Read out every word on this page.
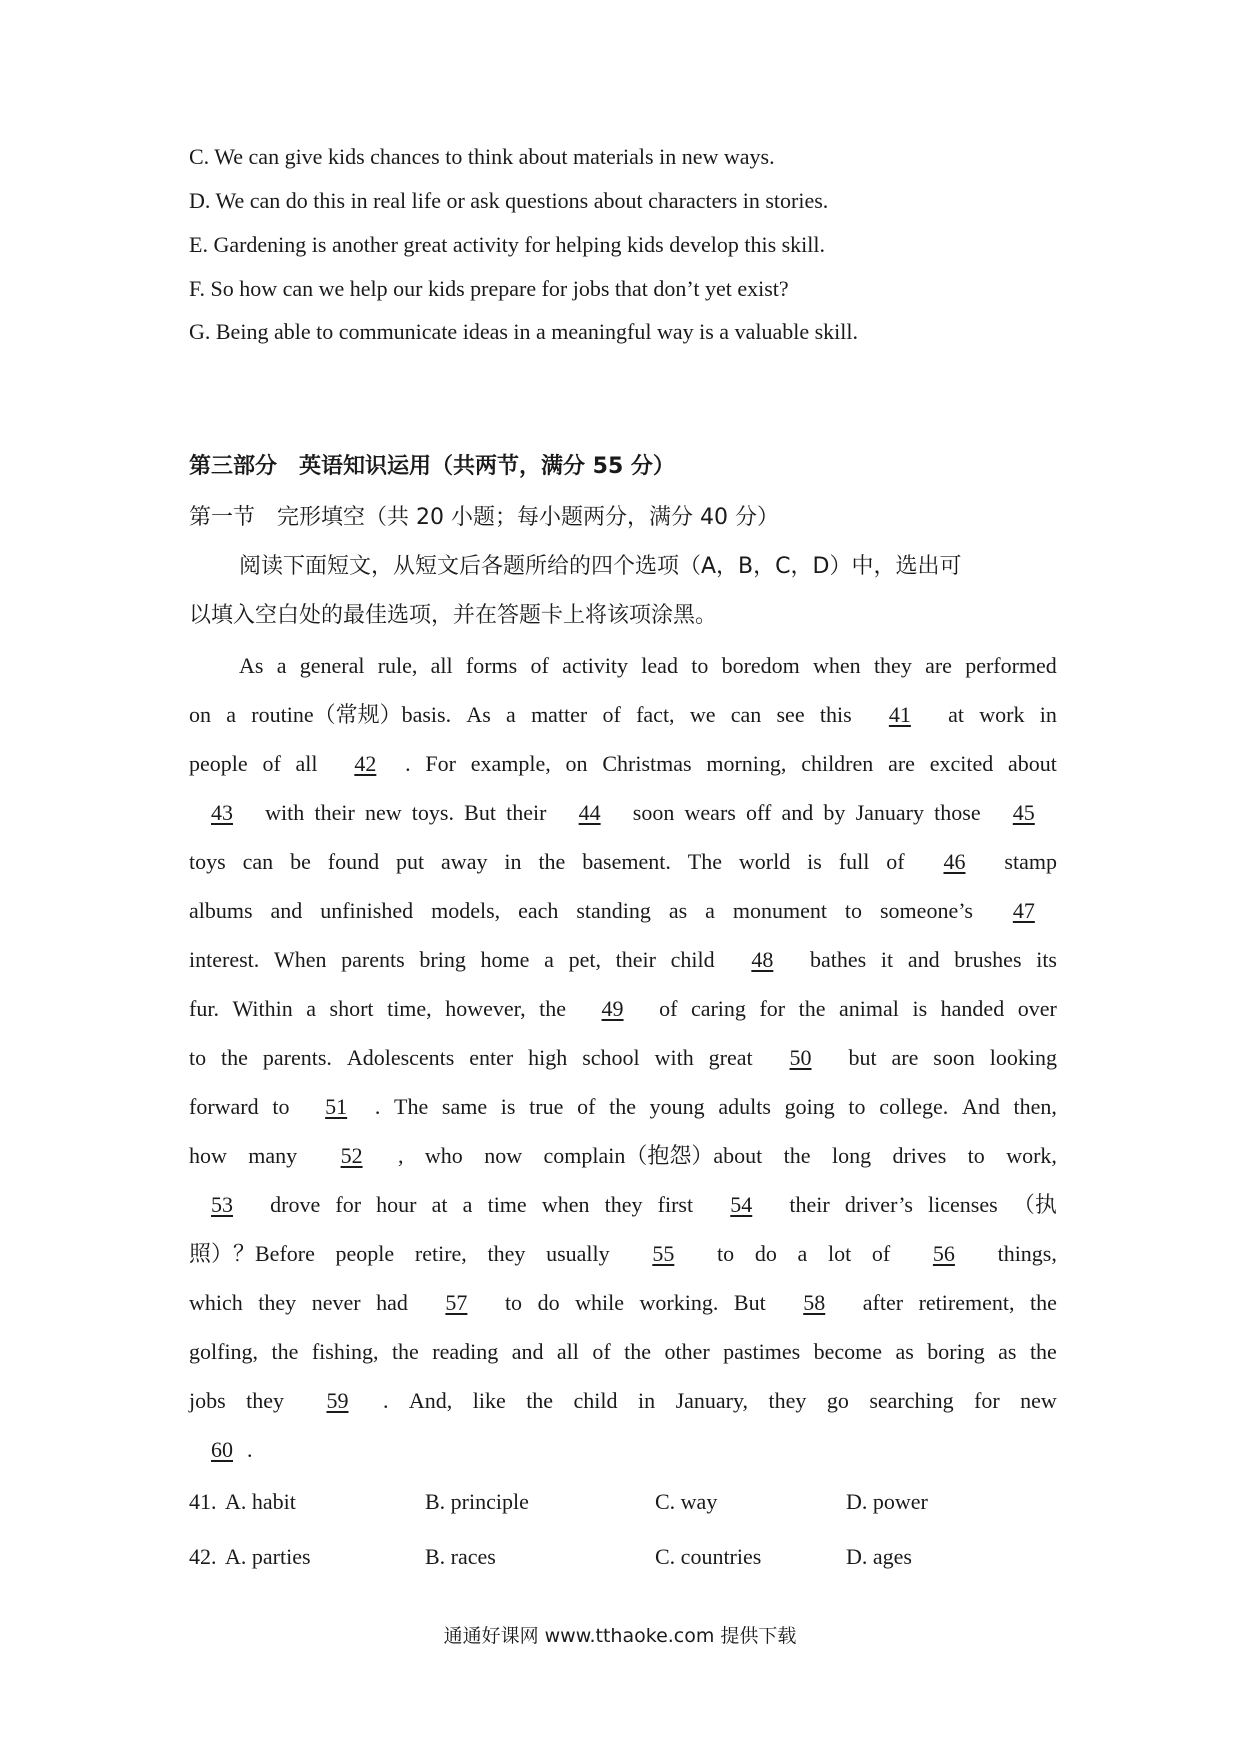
C. We can give kids chances to think about materials in new ways.
D. We can do this in real life or ask questions about characters in stories.
E. Gardening is another great activity for helping kids develop this skill.
F. So how can we help our kids prepare for jobs that don’t yet exist?
G. Being able to communicate ideas in a meaningful way is a valuable skill.
第三部分　英语知识运用（共两节，满分 55 分）
第一节　完形填空（共 20 小题；每小题两分，满分 40 分）
阅读下面短文，从短文后各题所给的四个选项（A，B，C，D）中，选出可
以填入空白处的最佳选项，并在答题卡上将该项涂黑。
As a general rule, all forms of activity lead to boredom when they are performed
on a routine（常规）basis. As a matter of fact, we can see this	41	at work in
people of all	42	. For example, on Christmas morning, children are excited about
43	with their new toys. But their	44	soon wears off and by January those	45
toys can be found put away in the basement. The world is full of	46	stamp
albums and unfinished models, each standing as a monument to someone’s	47
interest. When parents bring home a pet, their child	48	bathes it and brushes its
fur. Within a short time, however, the	49	of caring for the animal is handed over
to the parents. Adolescents enter high school with great	50	but are soon looking
forward to	51	. The same is true of the young adults going to college. And then,
how many	52	, who now complain（抱怨）about the long drives to work,
53	drove for hour at a time when they first	54	their driver’s licenses （执
照）？Before people retire, they usually	55	to do a lot of	56	things,
which they never had	57	to do while working. But	58	after retirement, the
golfing, the fishing, the reading and all of the other pastimes become as boring as the
jobs they	59	. And, like the child in January, they go searching for new
60 .
41. A. habit	B. principle	C. way	D. power
42. A. parties	B. races	C. countries	D. ages
通通好课网 www.tthaoke.com 提供下载
